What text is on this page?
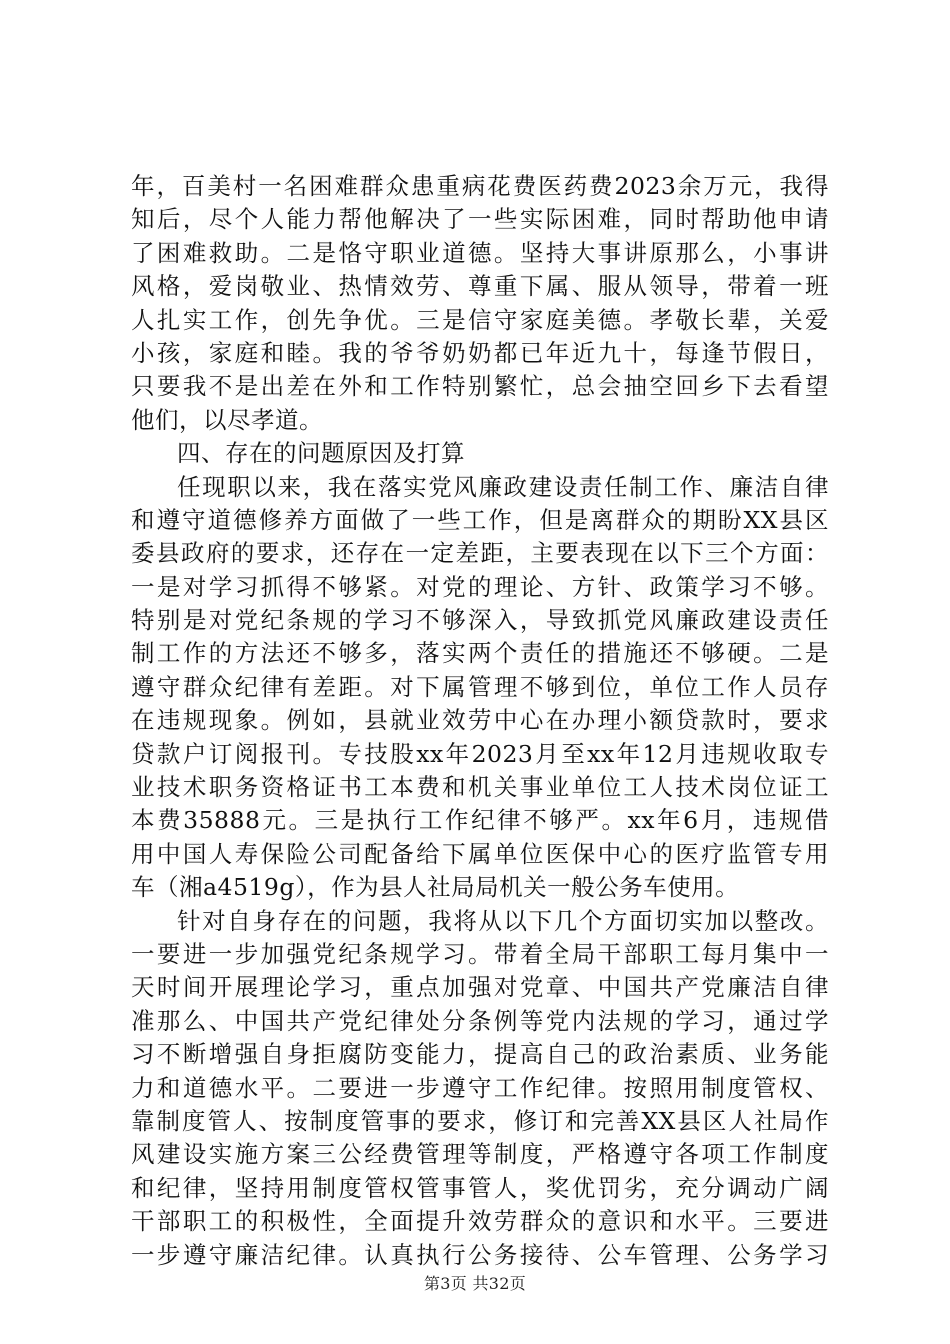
年，百美村一名困难群众患重病花费医药费2023余万元，我得
知后，尽个人能力帮他解决了一些实际困难，同时帮助他申请
了困难救助。二是恪守职业道德。坚持大事讲原那么，小事讲
风格，爱岗敬业、热情效劳、尊重下属、服从领导，带着一班
人扎实工作，创先争优。三是信守家庭美德。孝敬长辈，关爱
小孩，家庭和睦。我的爷爷奶奶都已年近九十，每逢节假日，
只要我不是出差在外和工作特别繁忙，总会抽空回乡下去看望
他们，以尽孝道。
四、存在的问题原因及打算
任现职以来，我在落实党风廉政建设责任制工作、廉洁自律
和遵守道德修养方面做了一些工作，但是离群众的期盼XX县区
委县政府的要求，还存在一定差距，主要表现在以下三个方面：
一是对学习抓得不够紧。对党的理论、方针、政策学习不够。
特别是对党纪条规的学习不够深入，导致抓党风廉政建设责任
制工作的方法还不够多，落实两个责任的措施还不够硬。二是
遵守群众纪律有差距。对下属管理不够到位，单位工作人员存
在违规现象。例如，县就业效劳中心在办理小额贷款时，要求
贷款户订阅报刊。专技股xx年2023月至xx年12月违规收取专
业技术职务资格证书工本费和机关事业单位工人技术岗位证工
本费35888元。三是执行工作纪律不够严。xx年6月，违规借
用中国人寿保险公司配备给下属单位医保中心的医疗监管专用
车（湘a4519g），作为县人社局局机关一般公务车使用。
针对自身存在的问题，我将从以下几个方面切实加以整改。
一要进一步加强党纪条规学习。带着全局干部职工每月集中一
天时间开展理论学习，重点加强对党章、中国共产党廉洁自律
准那么、中国共产党纪律处分条例等党内法规的学习，通过学
习不断增强自身拒腐防变能力，提高自己的政治素质、业务能
力和道德水平。二要进一步遵守工作纪律。按照用制度管权、
靠制度管人、按制度管事的要求，修订和完善XX县区人社局作
风建设实施方案三公经费管理等制度，严格遵守各项工作制度
和纪律，坚持用制度管权管事管人，奖优罚劣，充分调动广阔
干部职工的积极性，全面提升效劳群众的意识和水平。三要进
一步遵守廉洁纪律。认真执行公务接待、公车管理、公务学习
第3页 共32页
